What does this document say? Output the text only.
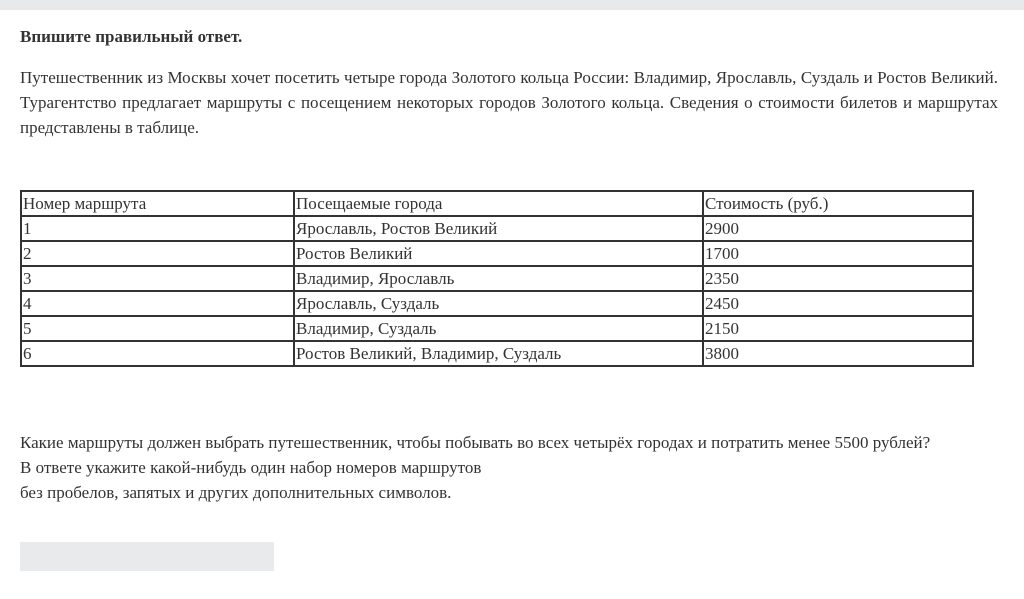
Впишите правильный ответ.

Путешественник из Москвы хочет посетить четыре города Золотого кольца России: Владимир, Ярославль, Суздаль и Ростов Великий. Турагентство предлагает маршруты с посещением некоторых городов Золотого кольца. Сведения о стоимости билетов и маршрутах представлены в таблице.

Номер маршрута	Посещаемые города	Стоимость (руб.)
1	Ярославль, Ростов Великий	2900
2	Ростов Великий	1700
3	Владимир, Ярославль	2350
4	Ярославль, Суздаль	2450
5	Владимир, Суздаль	2150
6	Ростов Великий, Владимир, Суздаль	3800
Какие маршруты должен выбрать путешественник, чтобы побывать во всех четырёх городах и потратить менее 5500 рублей?
В ответе укажите какой-нибудь один набор номеров маршрутов
без пробелов, запятых и других дополнительных символов.
